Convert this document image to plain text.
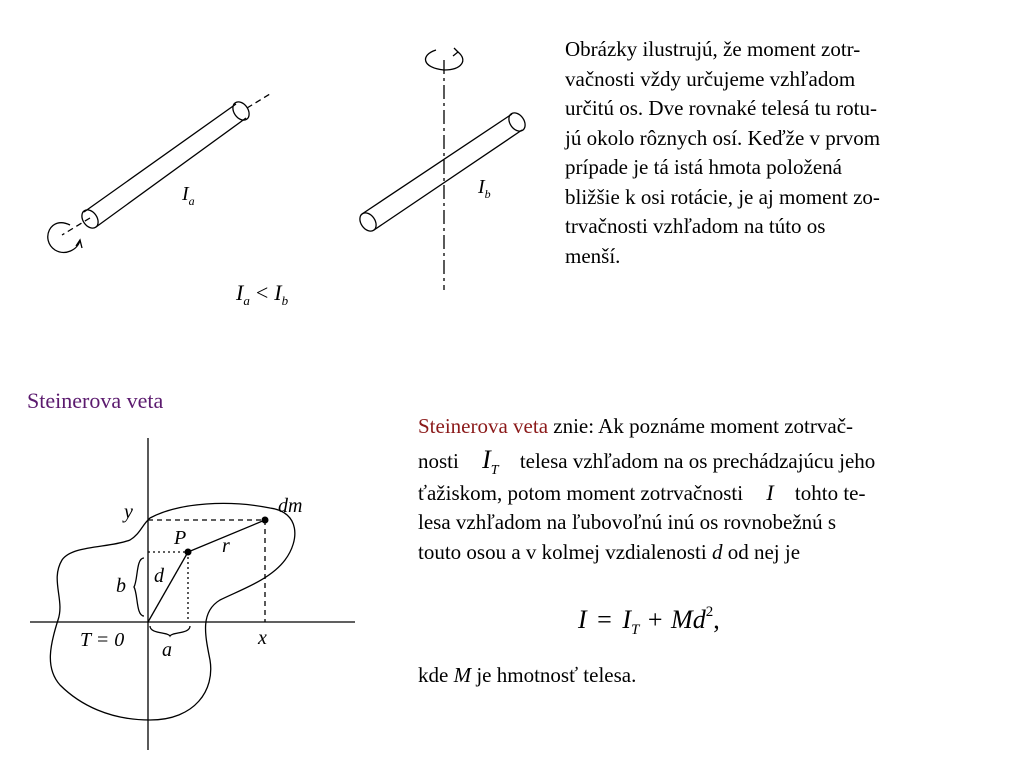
Obrázky ilustrujú, že moment zotr-
vačnosti vždy určujeme vzhľadom
určitú os. Dve rovnaké telesá tu rotu-
jú okolo rôznych osí. Keďže v prvom
prípade je tá istá hmota položená
bližšie k osi rotácie, je aj moment zo-
trvačnosti vzhľadom na túto os
menší.
$I_a$
$I_b$
$I_a < I_b$
Steinerova veta
y	dm
P r
b d
T = 0 a
x
Steinerova veta znie: Ak poznáme moment zotrvač-
nosti $I_T$ telesa vzhľadom na os prechádzajúcu jeho
ťažiskom, potom moment zotrvačnosti I tohto te-
lesa vzhľadom na ľubovoľnú inú os rovnobežnú s
touto osou a v kolmej vzdialenosti d od nej je
$I = I_T + Md^2$,
kde M je hmotnosť telesa.
